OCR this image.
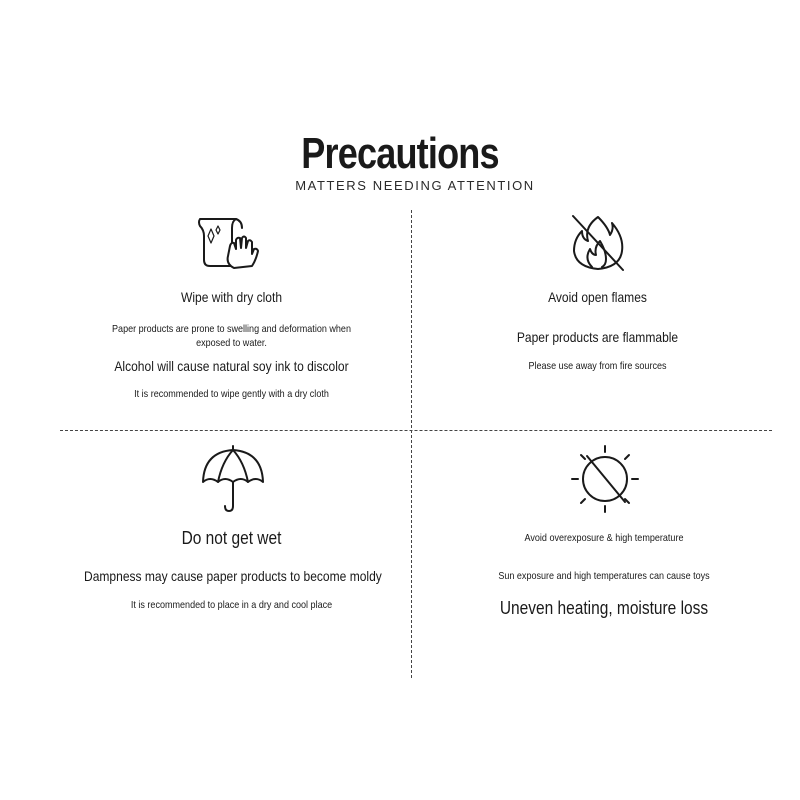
Precautions
MATTERS NEEDING ATTENTION
Wipe with dry cloth
Paper products are prone to swelling and deformation when exposed to water.
Alcohol will cause natural soy ink to discolor
It is recommended to wipe gently with a dry cloth
Avoid open flames
Paper products are flammable
Please use away from fire sources
Do not get wet
Dampness may cause paper products to become moldy
It is recommended to place in a dry and cool place
Avoid overexposure & high temperature
Sun exposure and high temperatures can cause toys
Uneven heating, moisture loss
